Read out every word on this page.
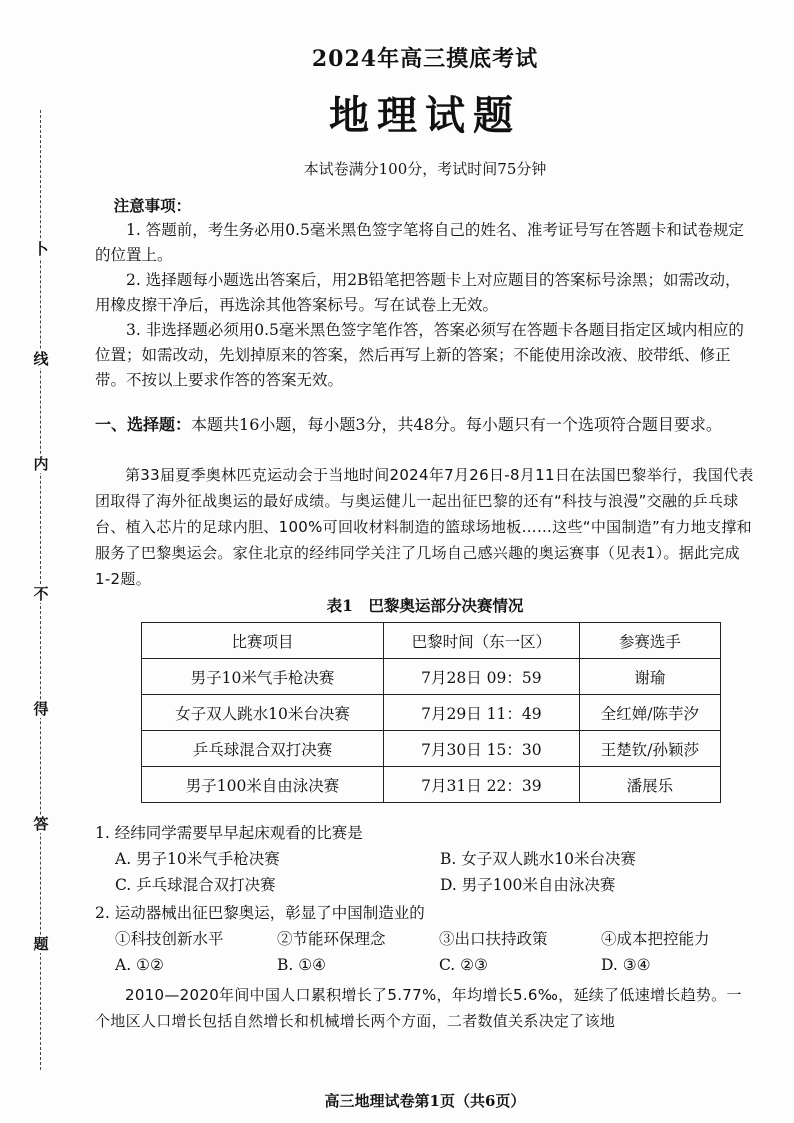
卜
线
内
不
得
答
题
2024年高三摸底考试
地理试题
本试卷满分100分，考试时间75分钟
注意事项：
1. 答题前，考生务必用0.5毫米黑色签字笔将自己的姓名、准考证号写在答题卡和试卷规定的位置上。
2. 选择题每小题选出答案后，用2B铅笔把答题卡上对应题目的答案标号涂黑；如需改动，用橡皮擦干净后，再选涂其他答案标号。写在试卷上无效。
3. 非选择题必须用0.5毫米黑色签字笔作答，答案必须写在答题卡各题目指定区域内相应的位置；如需改动，先划掉原来的答案，然后再写上新的答案；不能使用涂改液、胶带纸、修正带。不按以上要求作答的答案无效。
一、选择题：本题共16小题，每小题3分，共48分。每小题只有一个选项符合题目要求。
第33届夏季奥林匹克运动会于当地时间2024年7月26日-8月11日在法国巴黎举行，我国代表团取得了海外征战奥运的最好成绩。与奥运健儿一起出征巴黎的还有“科技与浪漫”交融的乒乓球台、植入芯片的足球内胆、100%可回收材料制造的篮球场地板……这些“中国制造”有力地支撑和服务了巴黎奥运会。家住北京的经纬同学关注了几场自己感兴趣的奥运赛事（见表1）。据此完成1-2题。
表1　巴黎奥运部分决赛情况
比赛项目	巴黎时间（东一区）	参赛选手
男子10米气手枪决赛	7月28日 09：59	谢瑜
女子双人跳水10米台决赛	7月29日 11：49	全红婵/陈芋汐
乒乓球混合双打决赛	7月30日 15：30	王楚钦/孙颖莎
男子100米自由泳决赛	7月31日 22：39	潘展乐
1. 经纬同学需要早早起床观看的比赛是
A. 男子10米气手枪决赛	B. 女子双人跳水10米台决赛
C. 乒乓球混合双打决赛	D. 男子100米自由泳决赛
2. 运动器械出征巴黎奥运，彰显了中国制造业的
①科技创新水平	②节能环保理念	③出口扶持政策	④成本把控能力
A. ①②	B. ①④	C. ②③	D. ③④
2010—2020年间中国人口累积增长了5.77%，年均增长5.6‰，延续了低速增长趋势。一个地区人口增长包括自然增长和机械增长两个方面，二者数值关系决定了该地
高三地理试卷第1页（共6页）
